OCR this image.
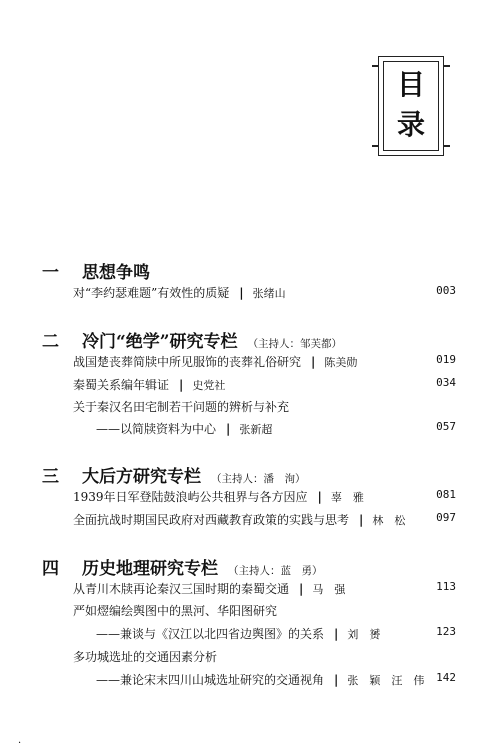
目
录
一 思想争鸣
对“李约瑟难题”有效性的质疑 | 张绪山	003
二 冷门“绝学”研究专栏 （主持人：邹芙都）
战国楚丧葬简牍中所见服饰的丧葬礼俗研究 | 陈美勋	019
秦蜀关系编年辑证 | 史党社	034
关于秦汉名田宅制若干问题的辨析与补充
——以简牍资料为中心 | 张新超	057
三 大后方研究专栏 （主持人：潘　洵）
1939年日军登陆鼓浪屿公共租界与各方因应 | 辜　雅	081
全面抗战时期国民政府对西藏教育政策的实践与思考 | 林　松	097
四 历史地理研究专栏 （主持人：蓝　勇）
从青川木牍再论秦汉三国时期的秦蜀交通 | 马　强	113
严如熤编绘舆图中的黑河、华阳图研究
——兼谈与《汉江以北四省边舆图》的关系 | 刘　赟	123
多功城选址的交通因素分析
——兼论宋末四川山城选址研究的交通视角 | 张　颖　汪　伟 142
·
